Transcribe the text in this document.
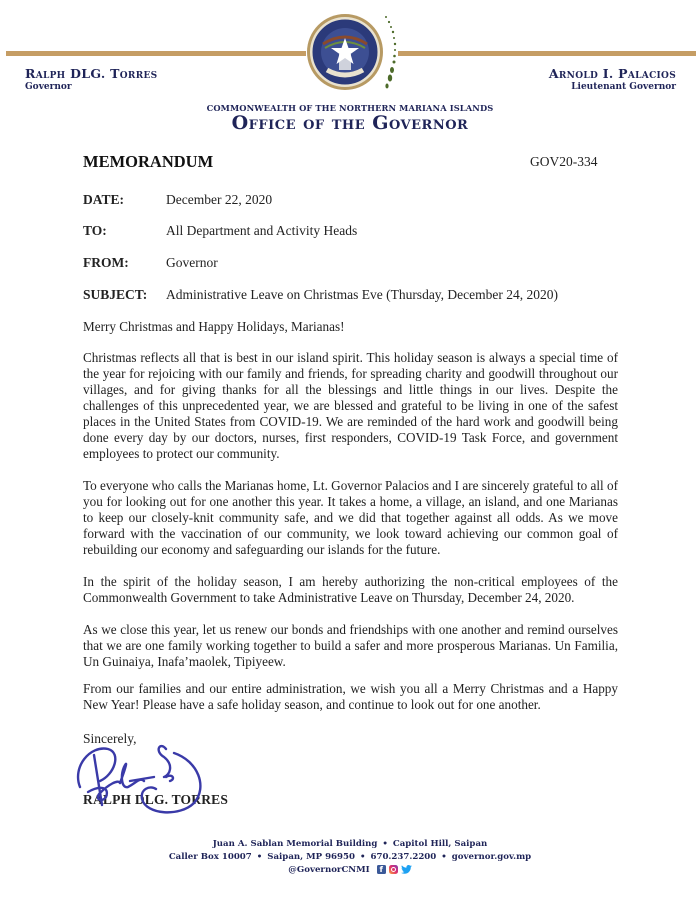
Ralph DLG. Torres
Governor
Arnold I. Palacios
Lieutenant Governor
COMMONWEALTH OF THE NORTHERN MARIANA ISLANDS
Office of the Governor
MEMORANDUM	GOV20-334
DATE:	December 22, 2020
TO:	All Department and Activity Heads
FROM:	Governor
SUBJECT: Administrative Leave on Christmas Eve (Thursday, December 24, 2020)
Merry Christmas and Happy Holidays, Marianas!
Christmas reflects all that is best in our island spirit. This holiday season is always a special time of the year for rejoicing with our family and friends, for spreading charity and goodwill throughout our villages, and for giving thanks for all the blessings and little things in our lives. Despite the challenges of this unprecedented year, we are blessed and grateful to be living in one of the safest places in the United States from COVID-19. We are reminded of the hard work and goodwill being done every day by our doctors, nurses, first responders, COVID-19 Task Force, and government employees to protect our community.
To everyone who calls the Marianas home, Lt. Governor Palacios and I are sincerely grateful to all of you for looking out for one another this year. It takes a home, a village, an island, and one Marianas to keep our closely-knit community safe, and we did that together against all odds. As we move forward with the vaccination of our community, we look toward achieving our common goal of rebuilding our economy and safeguarding our islands for the future.
In the spirit of the holiday season, I am hereby authorizing the non-critical employees of the Commonwealth Government to take Administrative Leave on Thursday, December 24, 2020.
As we close this year, let us renew our bonds and friendships with one another and remind ourselves that we are one family working together to build a safer and more prosperous Marianas. Un Familia, Un Guinaiya, Inafa’maolek, Tipiyeew.
From our families and our entire administration, we wish you all a Merry Christmas and a Happy New Year! Please have a safe holiday season, and continue to look out for one another.
Sincerely,
RALPH DLG. TORRES
Juan A. Sablan Memorial Building • Capitol Hill, Saipan
Caller Box 10007 • Saipan, MP 96950 • 670.237.2200 • governor.gov.mp
@GovernorCNMI	f
